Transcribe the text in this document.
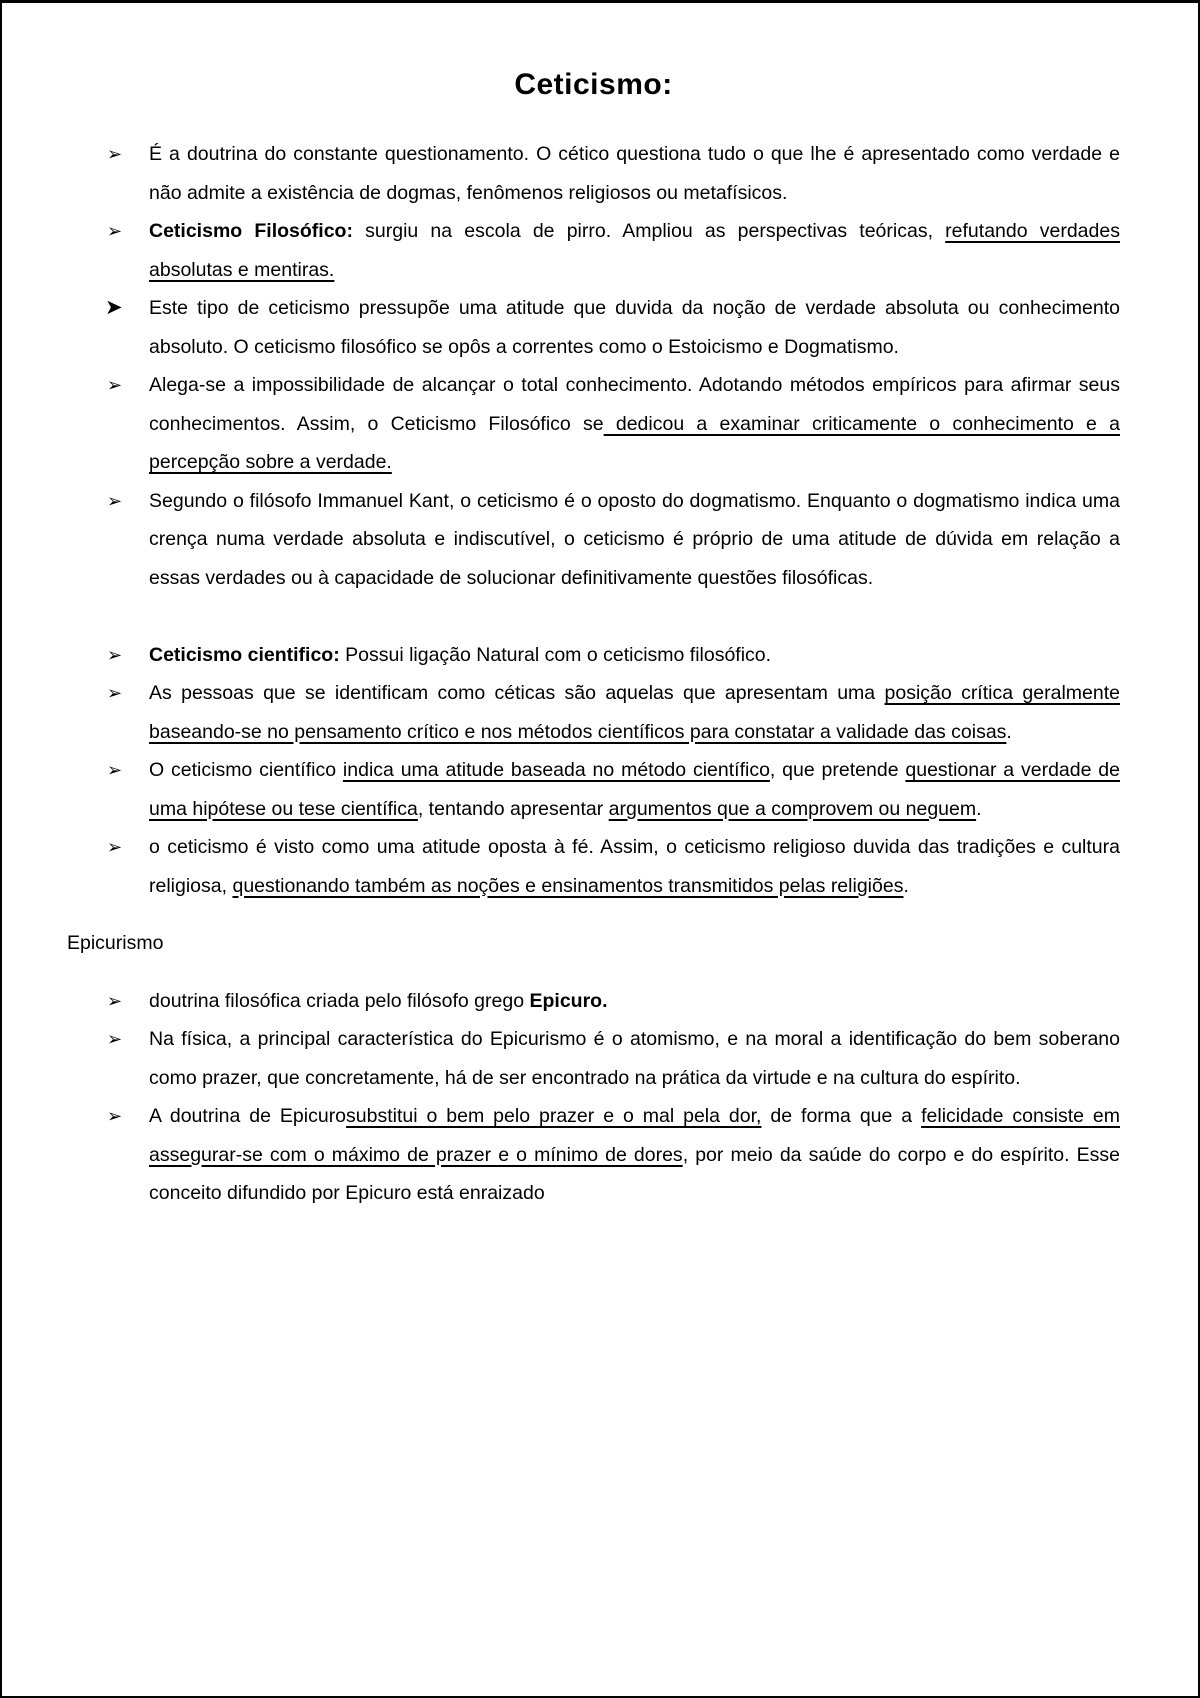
Ceticismo:
➢ É a doutrina do constante questionamento. O cético questiona tudo o que lhe é apresentado como verdade e não admite a existência de dogmas, fenômenos religiosos ou metafísicos.
➢ Ceticismo Filosófico: surgiu na escola de pirro. Ampliou as perspectivas teóricas, refutando verdades absolutas e mentiras.
➤ Este tipo de ceticismo pressupõe uma atitude que duvida da noção de verdade absoluta ou conhecimento absoluto. O ceticismo filosófico se opôs a correntes como o Estoicismo e Dogmatismo.
➢ Alega-se a impossibilidade de alcançar o total conhecimento. Adotando métodos empíricos para afirmar seus conhecimentos. Assim, o Ceticismo Filosófico se dedicou a examinar criticamente o conhecimento e a percepção sobre a verdade.
➢ Segundo o filósofo Immanuel Kant, o ceticismo é o oposto do dogmatismo. Enquanto o dogmatismo indica uma crença numa verdade absoluta e indiscutível, o ceticismo é próprio de uma atitude de dúvida em relação a essas verdades ou à capacidade de solucionar definitivamente questões filosóficas.
➢ Ceticismo cientifico: Possui ligação Natural com o ceticismo filosófico.
➢ As pessoas que se identificam como céticas são aquelas que apresentam uma posição crítica geralmente baseando-se no pensamento crítico e nos métodos científicos para constatar a validade das coisas.
➢ O ceticismo científico indica uma atitude baseada no método científico, que pretende questionar a verdade de uma hipótese ou tese científica, tentando apresentar argumentos que a comprovem ou neguem.
➢ o ceticismo é visto como uma atitude oposta à fé. Assim, o ceticismo religioso duvida das tradições e cultura religiosa, questionando também as noções e ensinamentos transmitidos pelas religiões.
Epicurismo
➢ doutrina filosófica criada pelo filósofo grego Epicuro.
➢ Na física, a principal característica do Epicurismo é o atomismo, e na moral a identificação do bem soberano como prazer, que concretamente, há de ser encontrado na prática da virtude e na cultura do espírito.
➢ A doutrina de Epicurosubstitui o bem pelo prazer e o mal pela dor, de forma que a felicidade consiste em assegurar-se com o máximo de prazer e o mínimo de dores, por meio da saúde do corpo e do espírito. Esse conceito difundido por Epicuro está enraizado
